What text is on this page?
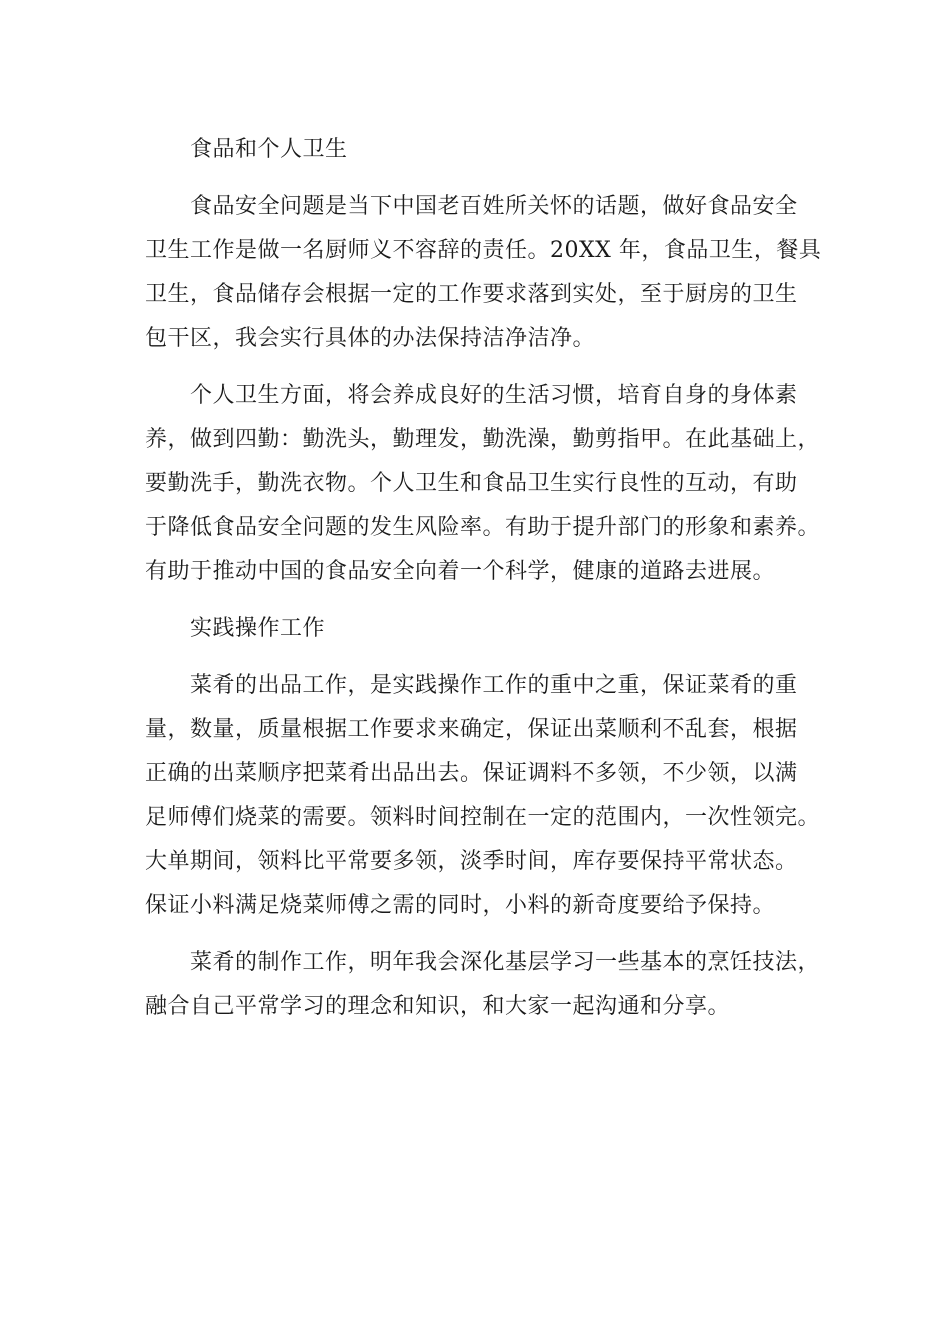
食品和个人卫生
食品安全问题是当下中国老百姓所关怀的话题，做好食品安全
卫生工作是做一名厨师义不容辞的责任。20XX 年，食品卫生，餐具
卫生，食品储存会根据一定的工作要求落到实处，至于厨房的卫生
包干区，我会实行具体的办法保持洁净洁净。
个人卫生方面，将会养成良好的生活习惯，培育自身的身体素
养，做到四勤：勤洗头，勤理发，勤洗澡，勤剪指甲。在此基础上，
要勤洗手，勤洗衣物。个人卫生和食品卫生实行良性的互动，有助
于降低食品安全问题的发生风险率。有助于提升部门的形象和素养。
有助于推动中国的食品安全向着一个科学，健康的道路去进展。
实践操作工作
菜肴的出品工作，是实践操作工作的重中之重，保证菜肴的重
量，数量，质量根据工作要求来确定，保证出菜顺利不乱套，根据
正确的出菜顺序把菜肴出品出去。保证调料不多领，不少领，以满
足师傅们烧菜的需要。领料时间控制在一定的范围内，一次性领完。
大单期间，领料比平常要多领，淡季时间，库存要保持平常状态。
保证小料满足烧菜师傅之需的同时，小料的新奇度要给予保持。
菜肴的制作工作，明年我会深化基层学习一些基本的烹饪技法，
融合自己平常学习的理念和知识，和大家一起沟通和分享。
